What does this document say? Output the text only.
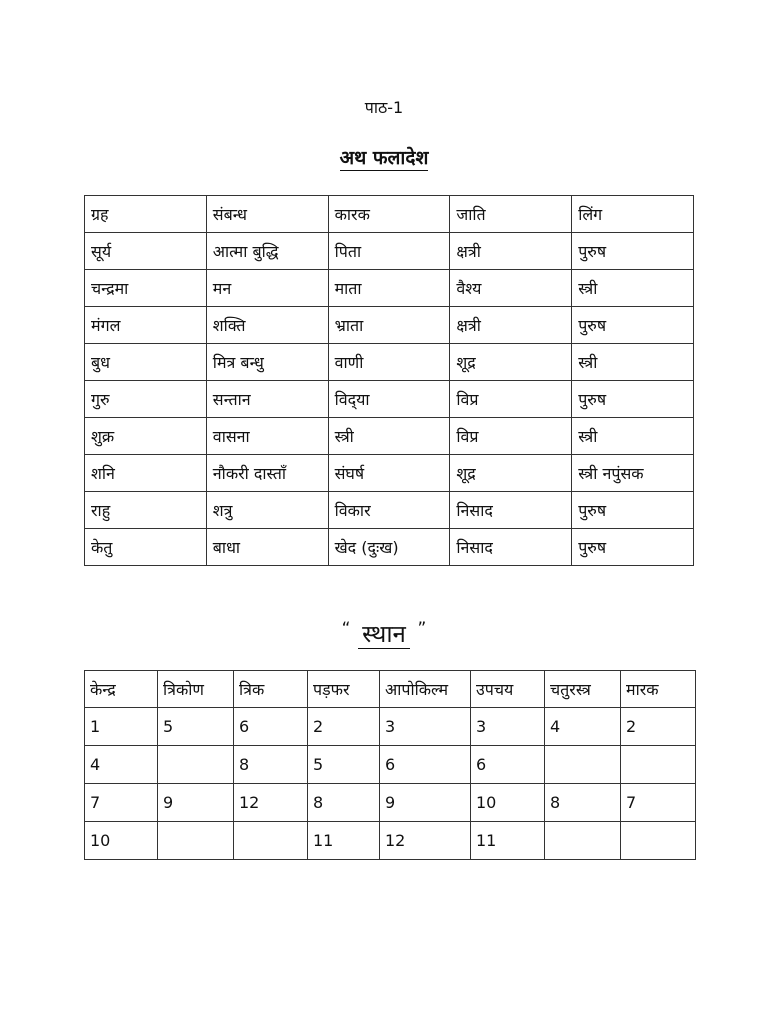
पाठ-1
अथ फलादेश
ग्रह	संबन्ध	कारक	जाति	लिंग
सूर्य	आत्मा बुद्धि	पिता	क्षत्री	पुरुष
चन्द्रमा	मन	माता	वैश्य	स्त्री
मंगल	शक्ति	भ्राता	क्षत्री	पुरुष
बुध	मित्र बन्धु	वाणी	शूद्र	स्त्री
गुरु	सन्तान	विद्‌या	विप्र	पुरुष
शुक्र	वासना	स्त्री	विप्र	स्त्री
शनि	नौकरी दास्ताँ	संघर्ष	शूद्र	स्त्री नपुंसक
राहु	शत्रु	विकार	निसाद	पुरुष
केतु	बाधा	खेद (दुःख)	निसाद	पुरुष
“ स्थान ”
केन्द्र	त्रिकोण	त्रिक	पड़फर	आपोकिल्म	उपचय	चतुरस्त्र	मारक
1	5	6	2	3	3	4	2
4		8	5	6	6		
7	9	12	8	9	10	8	7
10			11	12	11		
